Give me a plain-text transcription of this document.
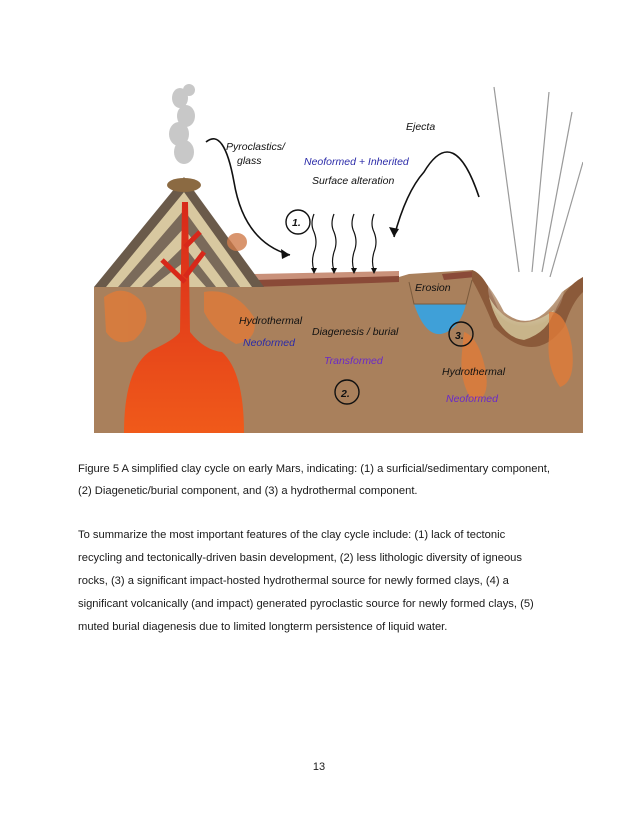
Pyroclastics/
glass
Ejecta
Neoformed + Inherited
Surface alteration
1.
Erosion
Hydrothermal
Neoformed
Diagenesis / burial
Transformed
2.
3.
Hydrothermal
Neoformed
Figure 5 A simplified clay cycle on early Mars, indicating: (1) a surficial/sedimentary component,
(2) Diagenetic/burial component, and (3) a hydrothermal component.
To summarize the most important features of the clay cycle include: (1) lack of tectonic
recycling and tectonically-driven basin development, (2) less lithologic diversity of igneous
rocks, (3) a significant impact-hosted hydrothermal source for newly formed clays, (4) a
significant volcanically (and impact) generated pyroclastic source for newly formed clays, (5)
muted burial diagenesis due to limited longterm persistence of liquid water.
13
